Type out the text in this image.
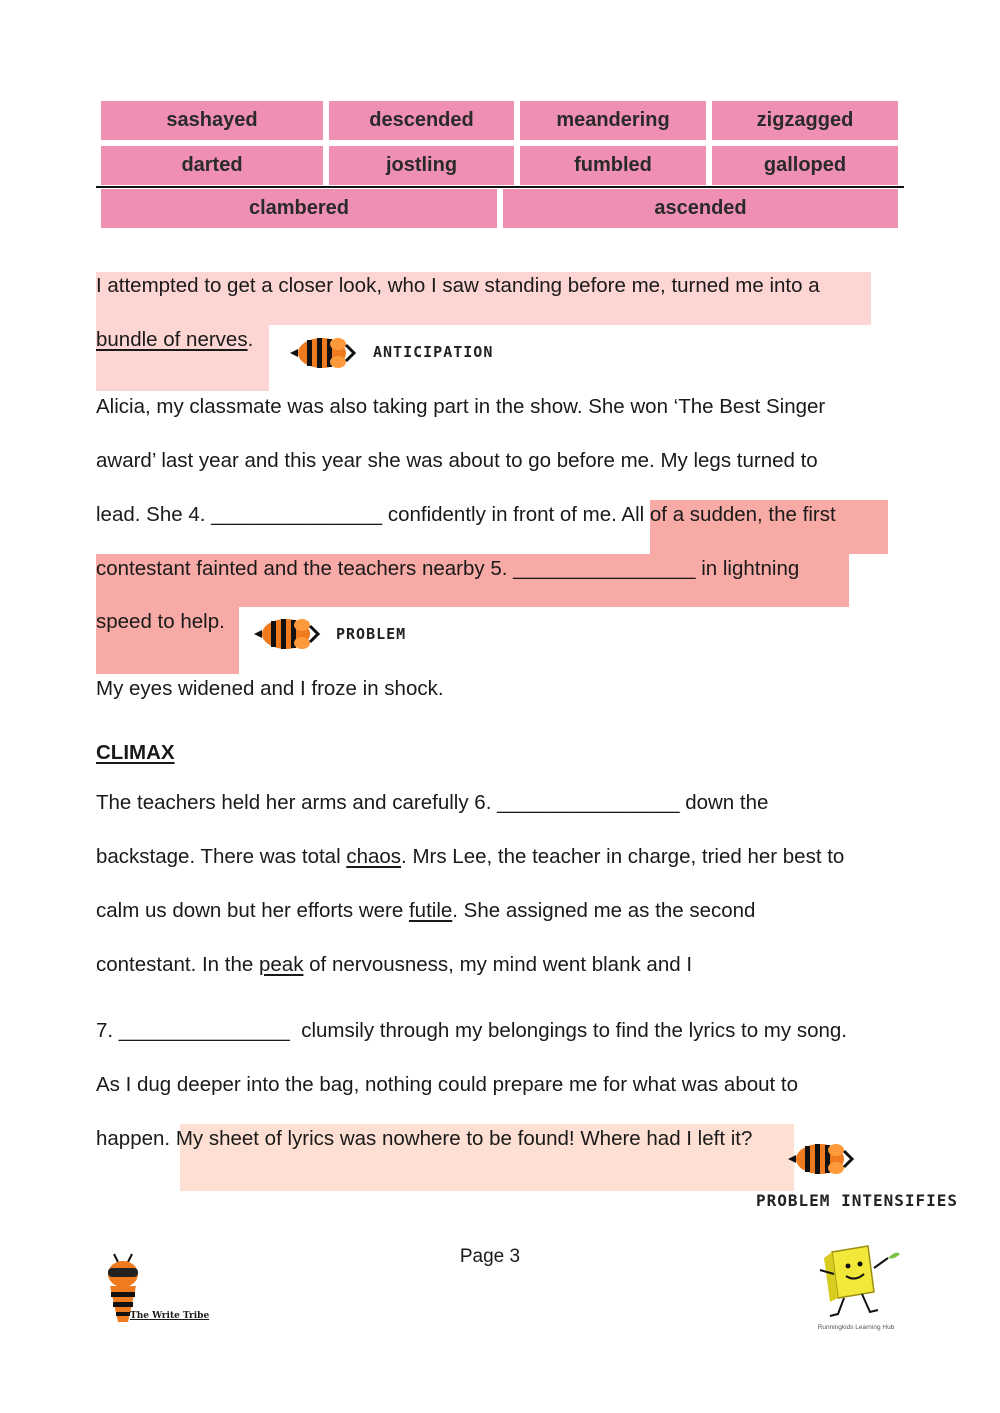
sashayed	descended	meandering	zigzagged
darted	jostling	fumbled	galloped
clambered	ascended
I attempted to get a closer look, who I saw standing before me, turned me into a
bundle of nerves.
ANTICIPATION
Alicia, my classmate was also taking part in the show. She won ‘The Best Singer
award’ last year and this year she was about to go before me. My legs turned to
lead. She 4. _______________ confidently in front of me. All of a sudden, the first
contestant fainted and the teachers nearby 5. ________________ in lightning
speed to help.
PROBLEM
My eyes widened and I froze in shock.
CLIMAX
The teachers held her arms and carefully 6. ________________ down the
backstage. There was total chaos. Mrs Lee, the teacher in charge, tried her best to
calm us down but her efforts were futile. She assigned me as the second
contestant. In the peak of nervousness, my mind went blank and I
7. _______________  clumsily through my belongings to find the lyrics to my song.
As I dug deeper into the bag, nothing could prepare me for what was about to
happen. My sheet of lyrics was nowhere to be found! Where had I left it?
PROBLEM INTENSIFIES
Page 3
The Write Tribe
Runningkids Learning Hub
